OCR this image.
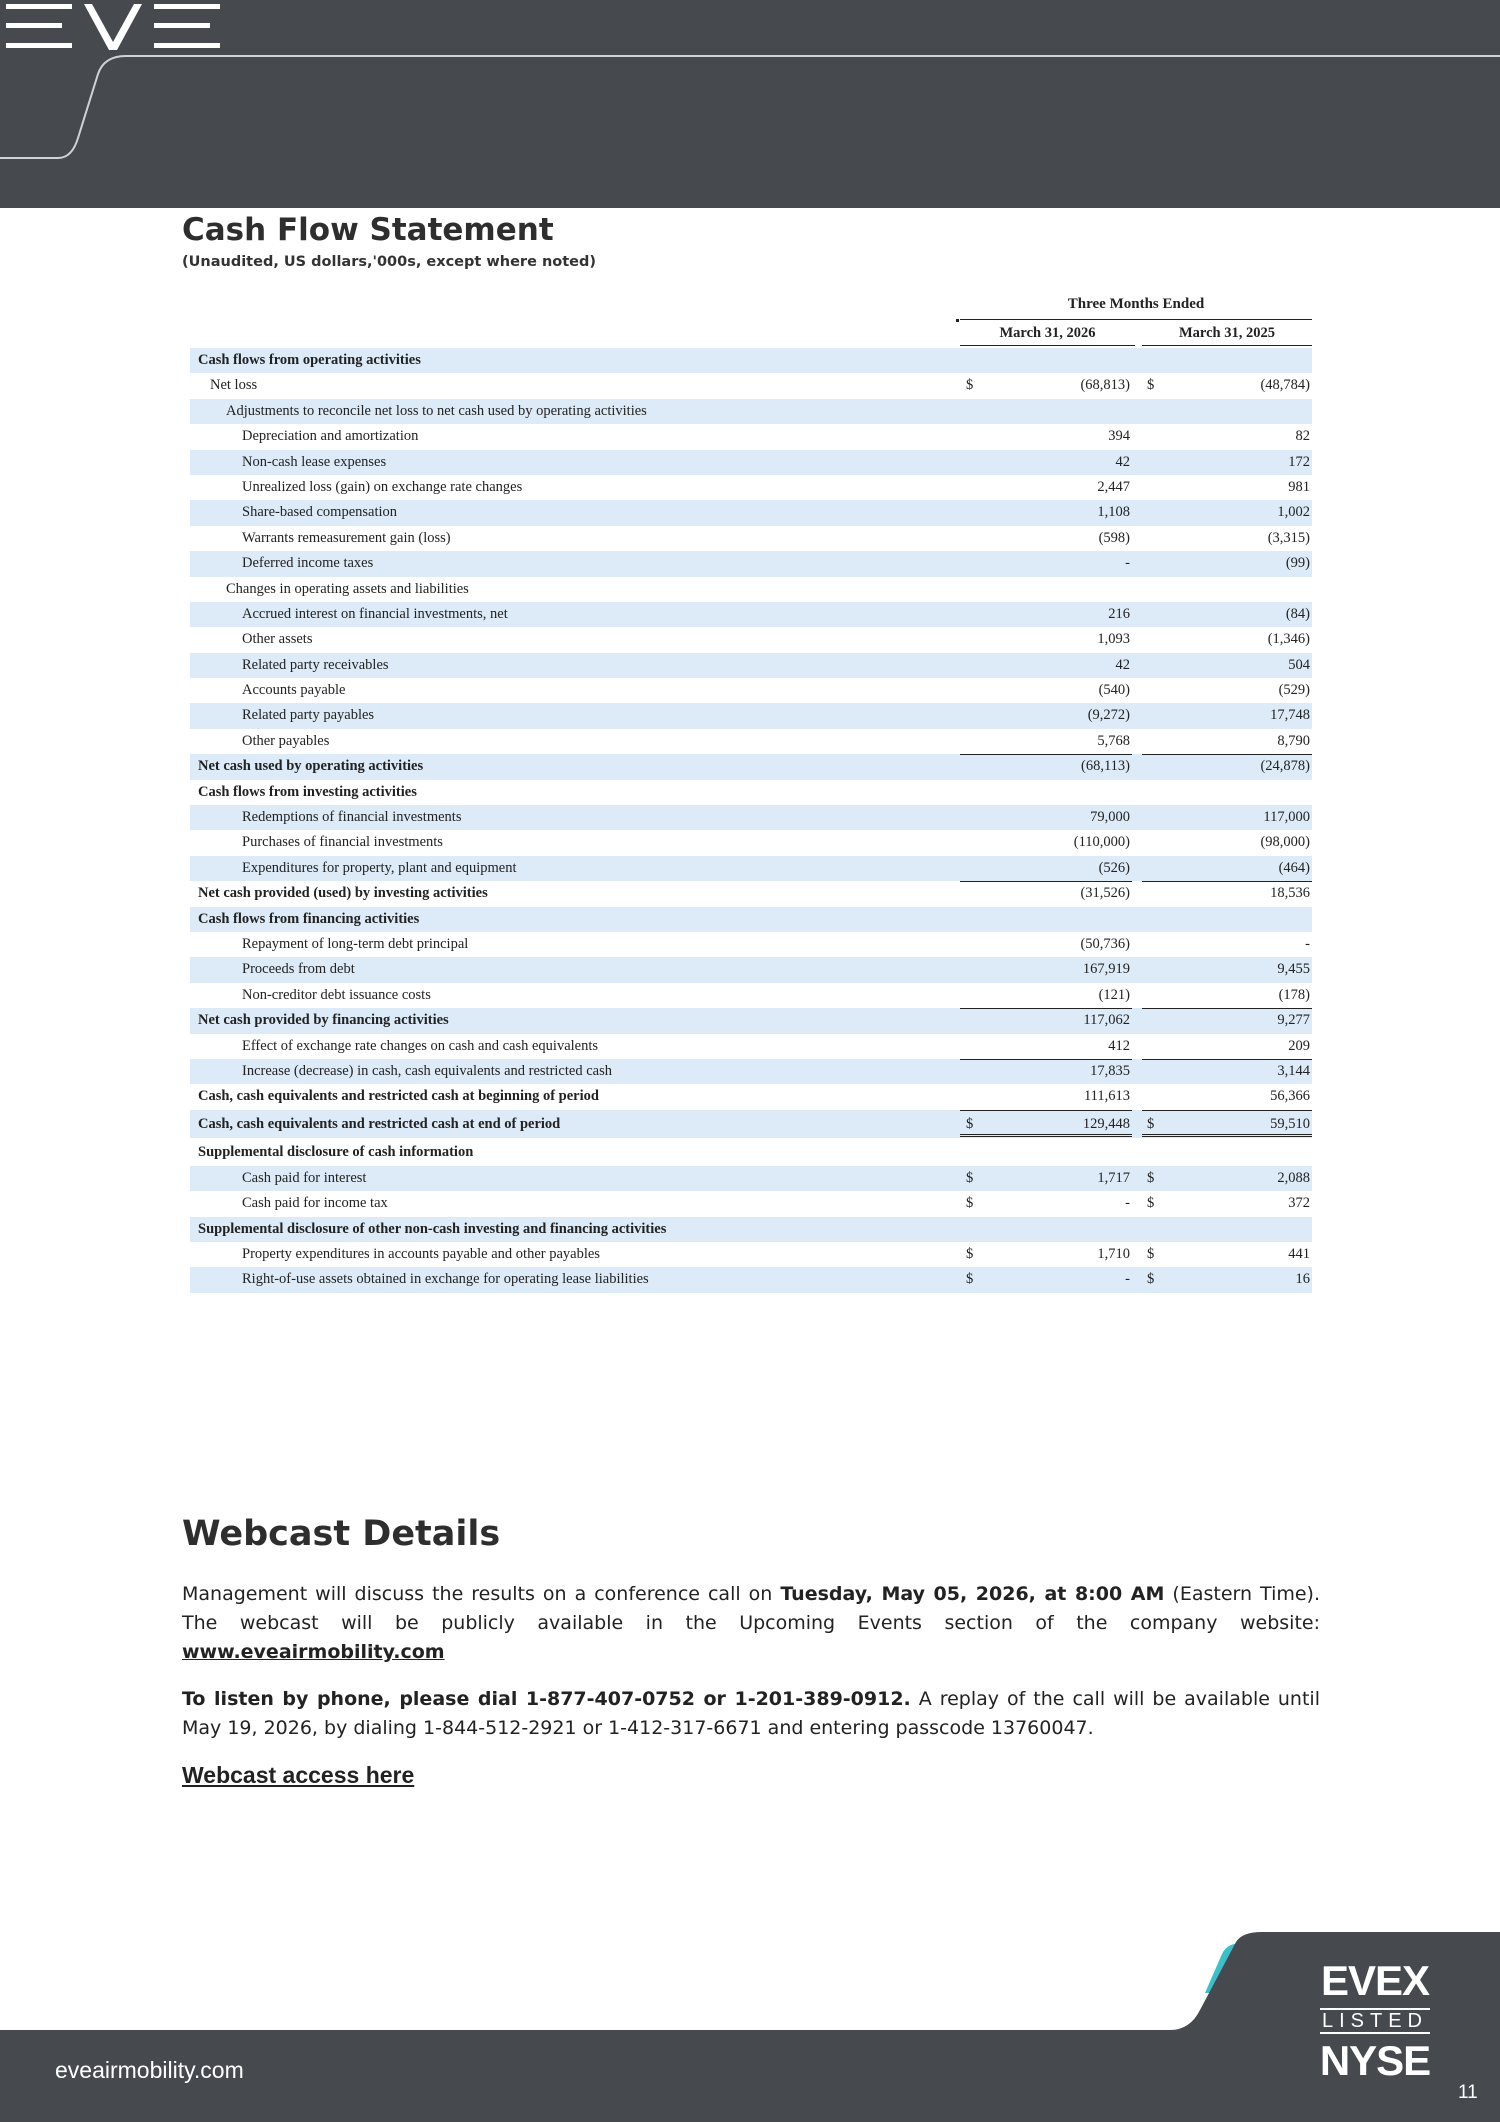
Cash Flow Statement

(Unaudited, US dollars,'000s, except where noted)

Three Months Ended
March 31, 2026	March 31, 2025
Cash flows from operating activities
Net loss	$	(68,813) $	(48,784)
Adjustments to reconcile net loss to net cash used by operating activities
Depreciation and amortization	394	82
Non-cash lease expenses	42	172
Unrealized loss (gain) on exchange rate changes	2,447	981
Share-based compensation	1,108	1,002
Warrants remeasurement gain (loss)	(598)	(3,315)
Deferred income taxes	-	(99)
Changes in operating assets and liabilities
Accrued interest on financial investments, net	216	(84)
Other assets	1,093	(1,346)
Related party receivables	42	504
Accounts payable	(540)	(529)
Related party payables	(9,272)	17,748
Other payables	5,768	8,790
Net cash used by operating activities	(68,113)	(24,878)
Cash flows from investing activities
Redemptions of financial investments	79,000	117,000
Purchases of financial investments	(110,000)	(98,000)
Expenditures for property, plant and equipment	(526)	(464)
Net cash provided (used) by investing activities	(31,526)	18,536
Cash flows from financing activities
Repayment of long-term debt principal	(50,736)	-
Proceeds from debt	167,919	9,455
Non-creditor debt issuance costs	(121)	(178)
Net cash provided by financing activities	117,062	9,277
Effect of exchange rate changes on cash and cash equivalents	412	209
Increase (decrease) in cash, cash equivalents and restricted cash	17,835	3,144
Cash, cash equivalents and restricted cash at beginning of period	111,613	56,366
Cash, cash equivalents and restricted cash at end of period	$	129,448 $	59,510
Supplemental disclosure of cash information
Cash paid for interest	$	1,717 $	2,088
Cash paid for income tax	$	- $	372
Supplemental disclosure of other non-cash investing and financing activities
Property expenditures in accounts payable and other payables	$	1,710 $	441
Right-of-use assets obtained in exchange for operating lease liabilities	$	- $	16
Webcast Details

Management will discuss the results on a conference call on Tuesday, May 05, 2026, at 8:00 AM (Eastern Time). The webcast will be publicly available in the Upcoming Events section of the company website: www.eveairmobility.com

To listen by phone, please dial 1-877-407-0752 or 1-201-389-0912. A replay of the call will be available until May 19, 2026, by dialing 1-844-512-2921 or 1-412-317-6671 and entering passcode 13760047.

Webcast access here
eveairmobility.com
EVEX
LISTED
NYSE
11
